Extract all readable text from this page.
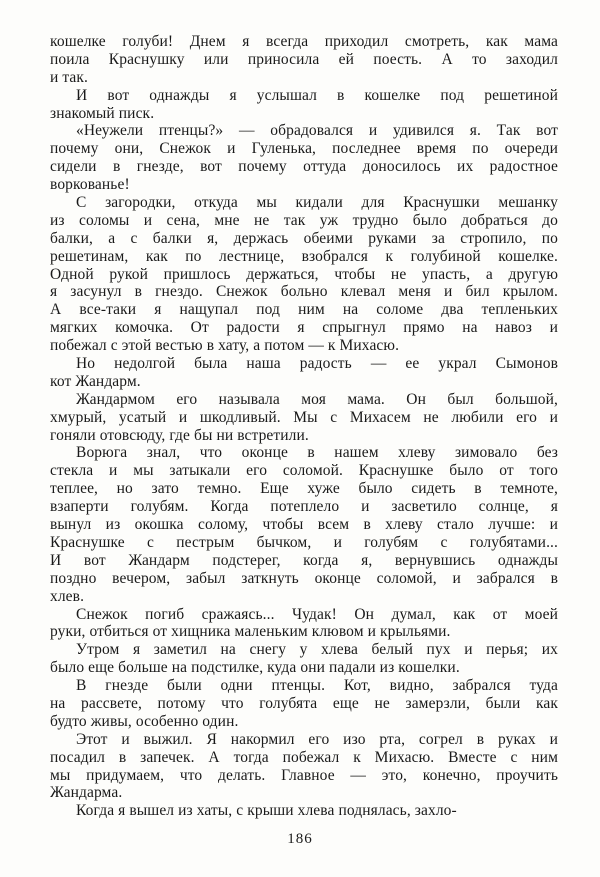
кошелке голуби! Днем я всегда приходил смотреть, как мама
поила Краснушку или приносила ей поесть. А то заходил
и так.
И вот однажды я услышал в кошелке под решетиной
знакомый писк.
«Неужели птенцы?» — обрадовался и удивился я. Так вот
почему они, Снежок и Гуленька, последнее время по очереди
сидели в гнезде, вот почему оттуда доносилось их радостное
воркованье!
С загородки, откуда мы кидали для Краснушки мешанку
из соломы и сена, мне не так уж трудно было добраться до
балки, а с балки я, держась обеими руками за стропило, по
решетинам, как по лестнице, взобрался к голубиной кошелке.
Одной рукой пришлось держаться, чтобы не упасть, а другую
я засунул в гнездо. Снежок больно клевал меня и бил крылом.
А все-таки я нащупал под ним на соломе два тепленьких
мягких комочка. От радости я спрыгнул прямо на навоз и
побежал с этой вестью в хату, а потом — к Михасю.
Но недолгой была наша радость — ее украл Сымонов
кот Жандарм.
Жандармом его называла моя мама. Он был большой,
хмурый, усатый и шкодливый. Мы с Михасем не любили его и
гоняли отовсюду, где бы ни встретили.
Ворюга знал, что оконце в нашем хлеву зимовало без
стекла и мы затыкали его соломой. Краснушке было от того
теплее, но зато темно. Еще хуже было сидеть в темноте,
взаперти голубям. Когда потеплело и засветило солнце, я
вынул из окошка солому, чтобы всем в хлеву стало лучше: и
Краснушке с пестрым бычком, и голубям с голубятами...
И вот Жандарм подстерег, когда я, вернувшись однажды
поздно вечером, забыл заткнуть оконце соломой, и забрался в
хлев.
Снежок погиб сражаясь... Чудак! Он думал, как от моей
руки, отбиться от хищника маленьким клювом и крыльями.
Утром я заметил на снегу у хлева белый пух и перья; их
было еще больше на подстилке, куда они падали из кошелки.
В гнезде были одни птенцы. Кот, видно, забрался туда
на рассвете, потому что голубята еще не замерзли, были как
будто живы, особенно один.
Этот и выжил. Я накормил его изо рта, согрел в руках и
посадил в запечек. А тогда побежал к Михасю. Вместе с ним
мы придумаем, что делать. Главное — это, конечно, проучить
Жандарма.
Когда я вышел из хаты, с крыши хлева поднялась, захло-
186
